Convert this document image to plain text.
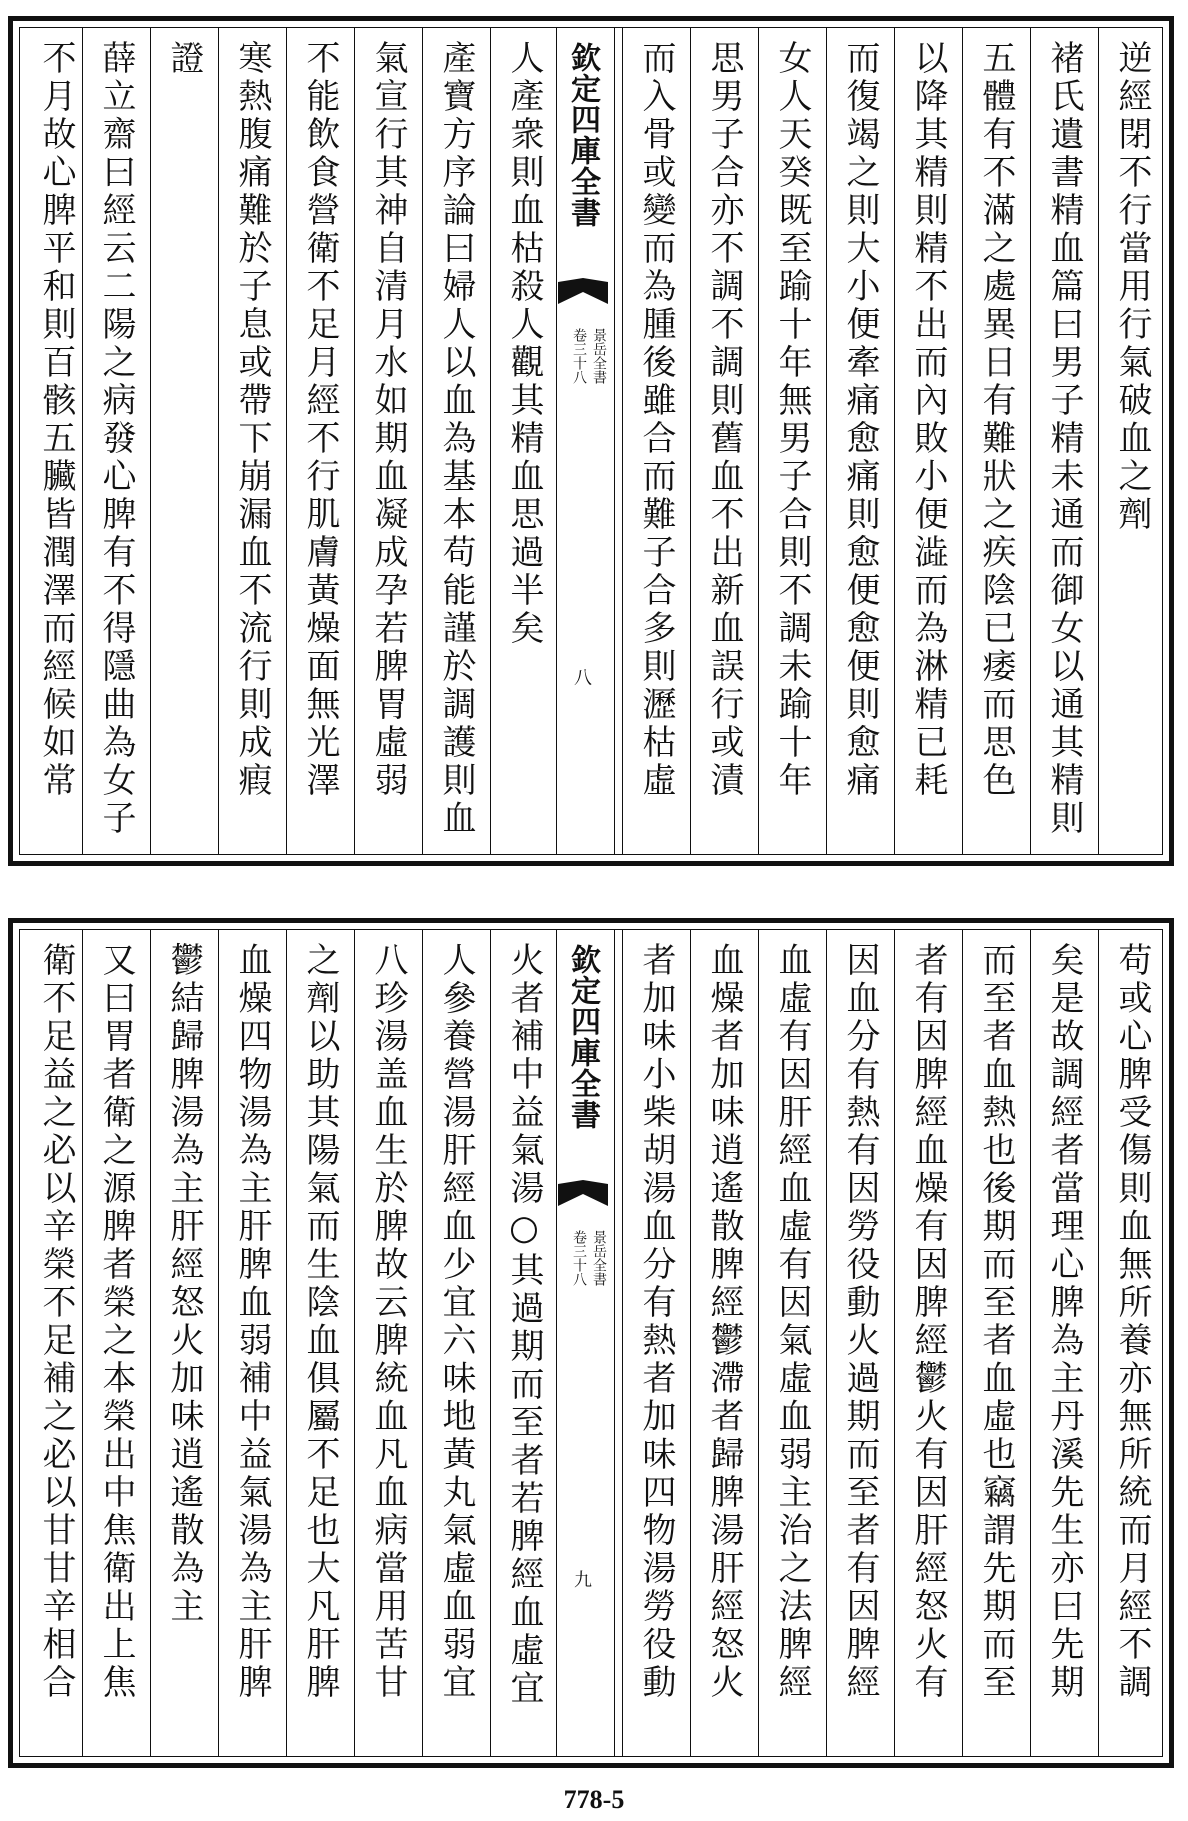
逆經閉不行當用行氣破血之劑
褚氏遺書精血篇曰男子精未通而御女以通其精則
五體有不滿之處異日有難狀之疾陰已痿而思色
以降其精則精不出而內敗小便澁而為淋精已耗
而復竭之則大小便牽痛愈痛則愈便愈便則愈痛
女人天癸既至踰十年無男子合則不調未踰十年
思男子合亦不調不調則舊血不出新血誤行或漬
而入骨或變而為腫後雖合而難子合多則瀝枯虛
人產衆則血枯殺人觀其精血思過半矣
產寶方序論曰婦人以血為基本苟能謹於調護則血
氣宣行其神自清月水如期血凝成孕若脾胃虛弱
不能飲食營衛不足月經不行肌膚黃燥面無光澤
寒熱腹痛難於子息或帶下崩漏血不流行則成瘕
證
薛立齋曰經云二陽之病發心脾有不得隱曲為女子
不月故心脾平和則百骸五臟皆潤澤而經候如常	欽定四庫全書
景岳全書
卷三十八
八
苟或心脾受傷則血無所養亦無所統而月經不調
矣是故調經者當理心脾為主丹溪先生亦曰先期
而至者血熱也後期而至者血虛也竊謂先期而至
者有因脾經血燥有因脾經鬱火有因肝經怒火有
因血分有熱有因勞役動火過期而至者有因脾經
血虛有因肝經血虛有因氣虛血弱主治之法脾經
血燥者加味逍遙散脾經鬱滯者歸脾湯肝經怒火
者加味小柴胡湯血分有熱者加味四物湯勞役動
火者補中益氣湯○其過期而至者若脾經血虛宜
人參養營湯肝經血少宜六味地黃丸氣虛血弱宜
八珍湯盖血生於脾故云脾統血凡血病當用苦甘
之劑以助其陽氣而生陰血俱屬不足也大凡肝脾
血燥四物湯為主肝脾血弱補中益氣湯為主肝脾
鬱結歸脾湯為主肝經怒火加味逍遙散為主
又曰胃者衛之源脾者榮之本榮出中焦衛出上焦
衛不足益之必以辛榮不足補之必以甘甘辛相合	欽定四庫全書
景岳全書
卷三十八
九
778-5
